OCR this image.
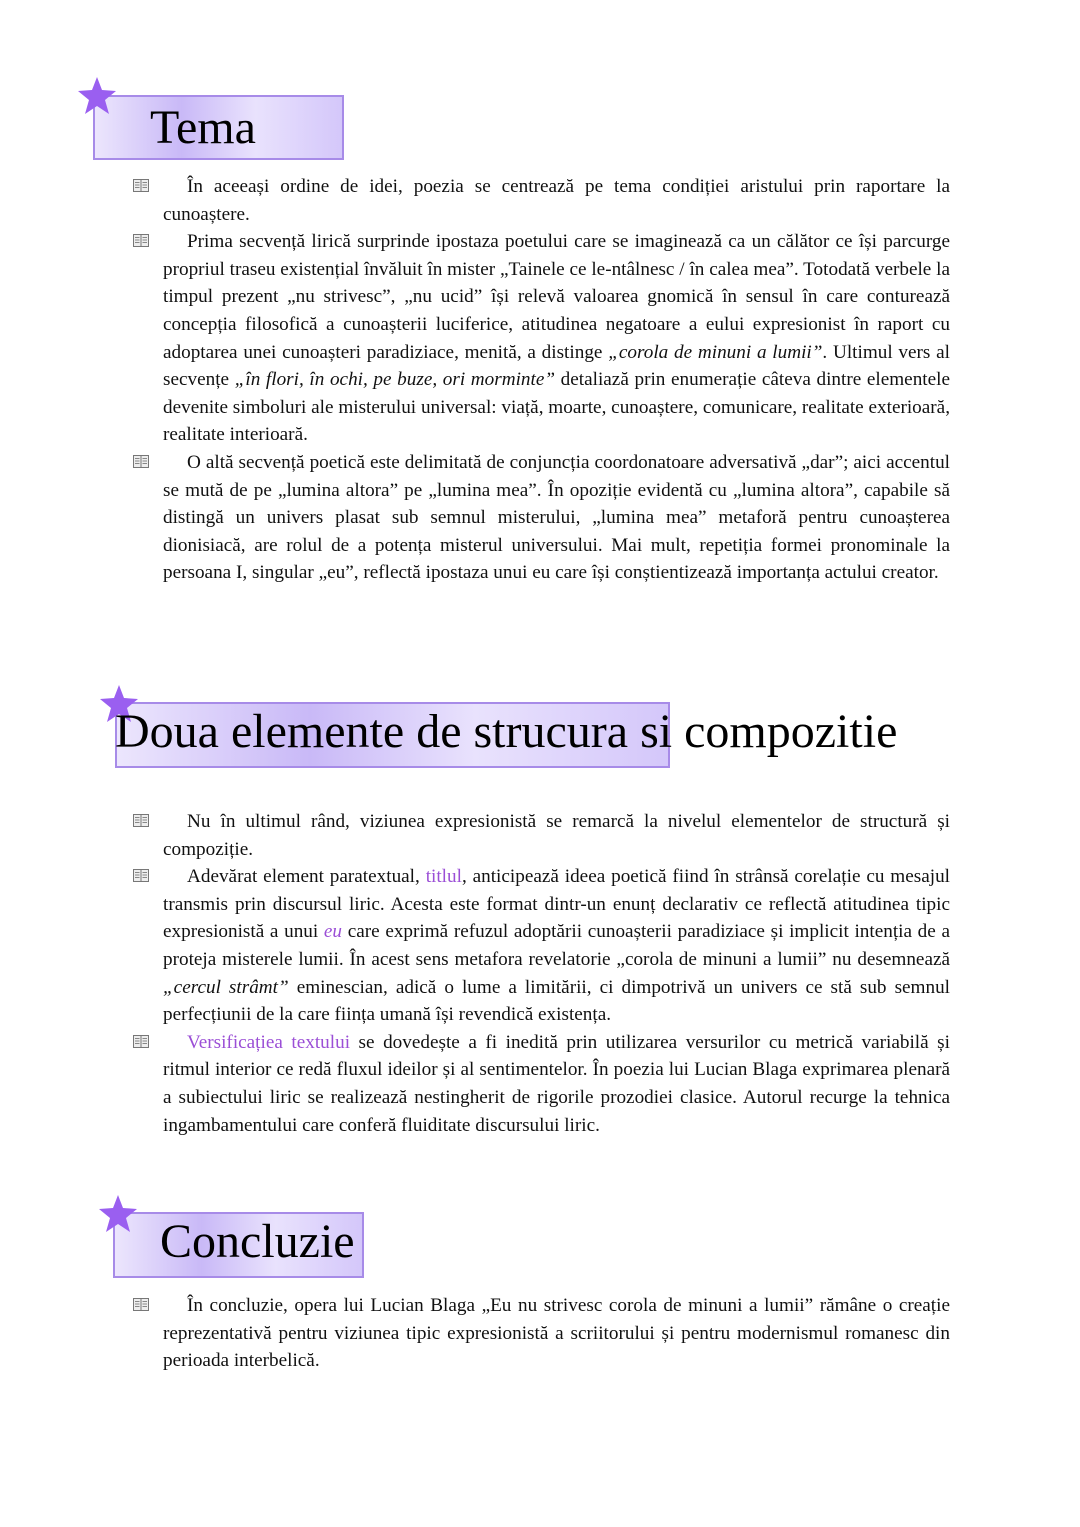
Tema

În aceeași ordine de idei, poezia se centrează pe tema condiției aristului prin raportare la cunoaștere.

Prima secvență lirică surprinde ipostaza poetului care se imaginează ca un călător ce își parcurge propriul traseu existențial învăluit în mister „Tainele ce le-ntâlnesc / în calea mea”. Totodată verbele la timpul prezent „nu strivesc”, „nu ucid” își relevă valoarea gnomică în sensul în care conturează concepția filosofică a cunoașterii luciferice, atitudinea negatoare a eului expresionist în raport cu adoptarea unei cunoașteri paradiziace, menită, a distinge „corola de minuni a lumii”. Ultimul vers al secvențe „în flori, în ochi, pe buze, ori morminte” detaliază prin enumerație câteva dintre elementele devenite simboluri ale misterului universal: viață, moarte, cunoaștere, comunicare, realitate exterioară, realitate interioară.

O altă secvență poetică este delimitată de conjuncția coordonatoare adversativă „dar”; aici accentul se mută de pe „lumina altora” pe „lumina mea”. În opoziție evidentă cu „lumina altora”, capabile să distingă un univers plasat sub semnul misterului, „lumina mea” metaforă pentru cunoașterea dionisiacă, are rolul de a potența misterul universului. Mai mult, repetiția formei pronominale la persoana I, singular „eu”, reflectă ipostaza unui eu care își conștientizează importanța actului creator.

Doua elemente de strucura si compozitie

Nu în ultimul rând, viziunea expresionistă se remarcă la nivelul elementelor de structură și compoziție.

Adevărat element paratextual, titlul, anticipează ideea poetică fiind în strânsă corelație cu mesajul transmis prin discursul liric. Acesta este format dintr-un enunț declarativ ce reflectă atitudinea tipic expresionistă a unui eu care exprimă refuzul adoptării cunoașterii paradiziace și implicit intenția de a proteja misterele lumii. În acest sens metafora revelatorie „corola de minuni a lumii” nu desemnează „cercul strâmt” eminescian, adică o lume a limitării, ci dimpotrivă un univers ce stă sub semnul perfecțiunii de la care ființa umană își revendică existența.

Versificațiea textului se dovedește a fi inedită prin utilizarea versurilor cu metrică variabilă și ritmul interior ce redă fluxul ideilor și al sentimentelor. În poezia lui Lucian Blaga exprimarea plenară a subiectului liric se realizează nestingherit de rigorile prozodiei clasice. Autorul recurge la tehnica ingambamentului care conferă fluiditate discursului liric.

Concluzie

În concluzie, opera lui Lucian Blaga „Eu nu strivesc corola de minuni a lumii” rămâne o creație reprezentativă pentru viziunea tipic expresionistă a scriitorului și pentru modernismul romanesc din perioada interbelică.
